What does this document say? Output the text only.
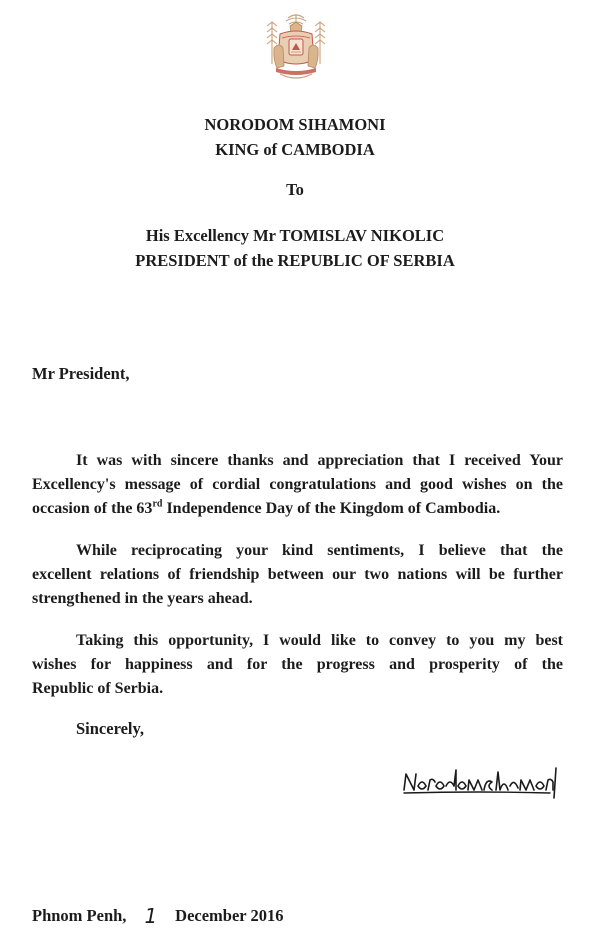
NORODOM SIHAMONI
KING of CAMBODIA
To
His Excellency Mr TOMISLAV NIKOLIC
PRESIDENT of the REPUBLIC OF SERBIA
Mr President,
It was with sincere thanks and appreciation that I received Your
Excellency's message of cordial congratulations and good wishes on the
occasion of the 63rd Independence Day of the Kingdom of Cambodia.
While reciprocating your kind sentiments, I believe that the
excellent relations of friendship between our two nations will be further
strengthened in the years ahead.
Taking this opportunity, I would like to convey to you my best
wishes for happiness and for the progress and prosperity of the
Republic of Serbia.
Sincerely,
Phnom Penh, 1 December 2016
